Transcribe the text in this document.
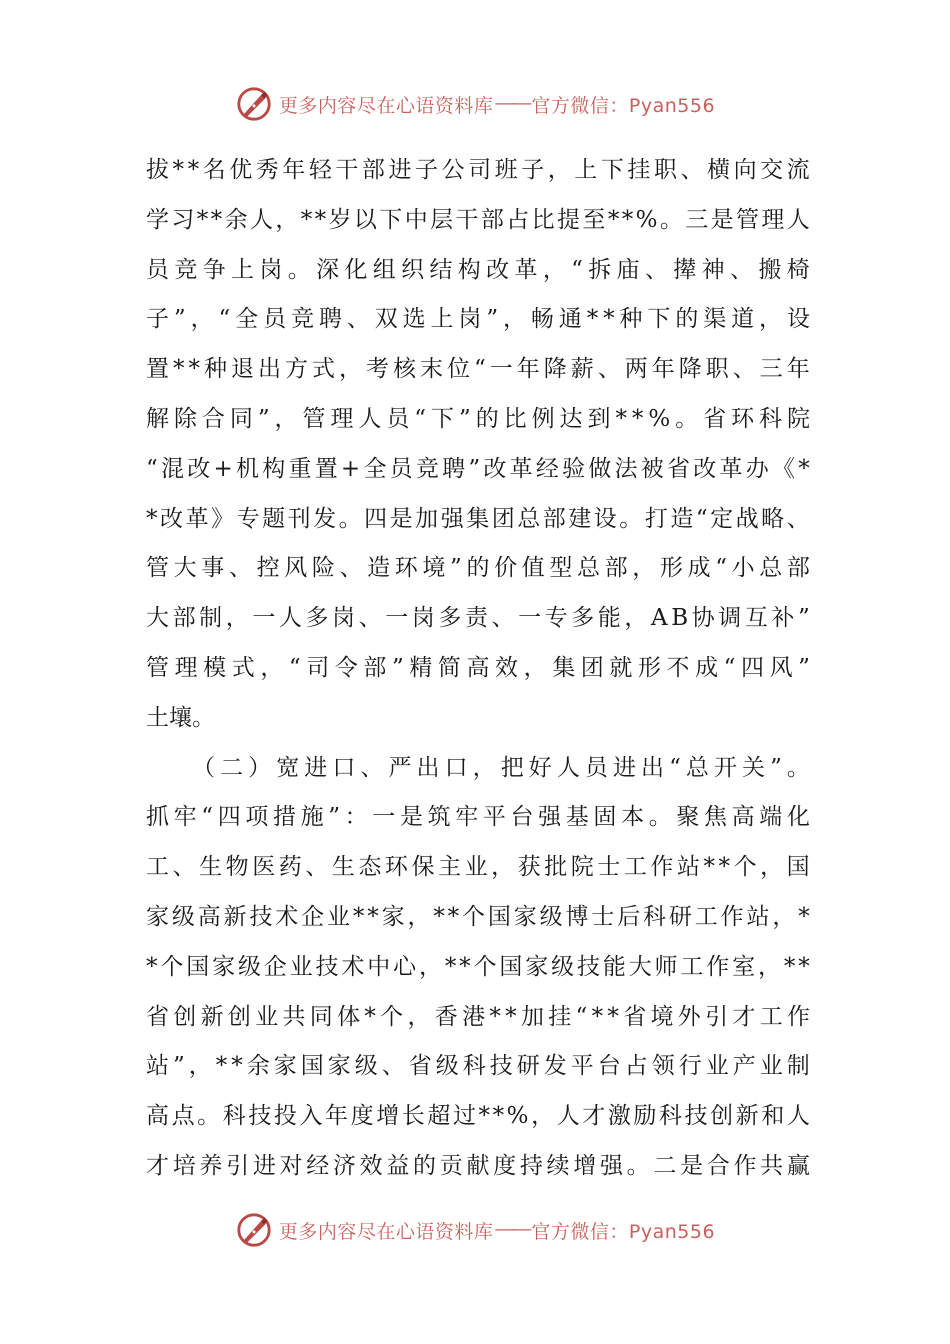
更多内容尽在心语资料库 —— 官方微信：Pyan556
拔 * * 名 优 秀 年 轻 干 部 进 子 公 司 班 子 ， 上 下 挂 职 、 横 向 交 流
学 习 * * 余 人 ， * * 岁 以 下 中 层 干 部 占 比 提 至 * * % 。 三 是 管 理 人
员 竞 争 上 岗 。 深 化 组 织 结 构 改 革 ， “ 拆 庙 、 撵 神 、 搬 椅
子 ” ， “ 全 员 竞 聘 、 双 选 上 岗 ” ， 畅 通 * * 种 下 的 渠 道 ， 设
置 * * 种 退 出 方 式 ， 考 核 末 位 “ 一 年 降 薪 、 两 年 降 职 、 三 年
解 除 合 同 ” ， 管 理 人 员 “ 下 ” 的 比 例 达 到 * * % 。 省 环 科 院
“ 混 改 + 机 构 重 置 + 全 员 竞 聘 ” 改 革 经 验 做 法 被 省 改 革 办 《 *
* 改 革 》 专 题 刊 发 。 四 是 加 强 集 团 总 部 建 设 。 打 造 “ 定 战 略 、
管 大 事 、 控 风 险 、 造 环 境 ” 的 价 值 型 总 部 ， 形 成 “ 小 总 部
大 部 制 ， 一 人 多 岗 、 一 岗 多 责 、 一 专 多 能 ， A B 协 调 互 补 ”
管 理 模 式 ， “ 司 令 部 ” 精 简 高 效 ， 集 团 就 形 不 成 “ 四 风 ”
土壤。
（ 二 ） 宽 进 口 、 严 出 口 ， 把 好 人 员 进 出 “ 总 开 关 ” 。
抓 牢 “ 四 项 措 施 ” ： 一 是 筑 牢 平 台 强 基 固 本 。 聚 焦 高 端 化
工 、 生 物 医 药 、 生 态 环 保 主 业 ， 获 批 院 士 工 作 站 * * 个 ， 国
家 级 高 新 技 术 企 业 * * 家 ， * * 个 国 家 级 博 士 后 科 研 工 作 站 ， *
* 个 国 家 级 企 业 技 术 中 心 ， * * 个 国 家 级 技 能 大 师 工 作 室 ， * *
省 创 新 创 业 共 同 体 * 个 ， 香 港 * * 加 挂 “ * * 省 境 外 引 才 工 作
站 ” ， * * 余 家 国 家 级 、 省 级 科 技 研 发 平 台 占 领 行 业 产 业 制
高 点 。 科 技 投 入 年 度 增 长 超 过 * * % ， 人 才 激 励 科 技 创 新 和 人
才 培 养 引 进 对 经 济 效 益 的 贡 献 度 持 续 增 强 。 二 是 合 作 共 赢
更多内容尽在心语资料库 —— 官方微信：Pyan556
